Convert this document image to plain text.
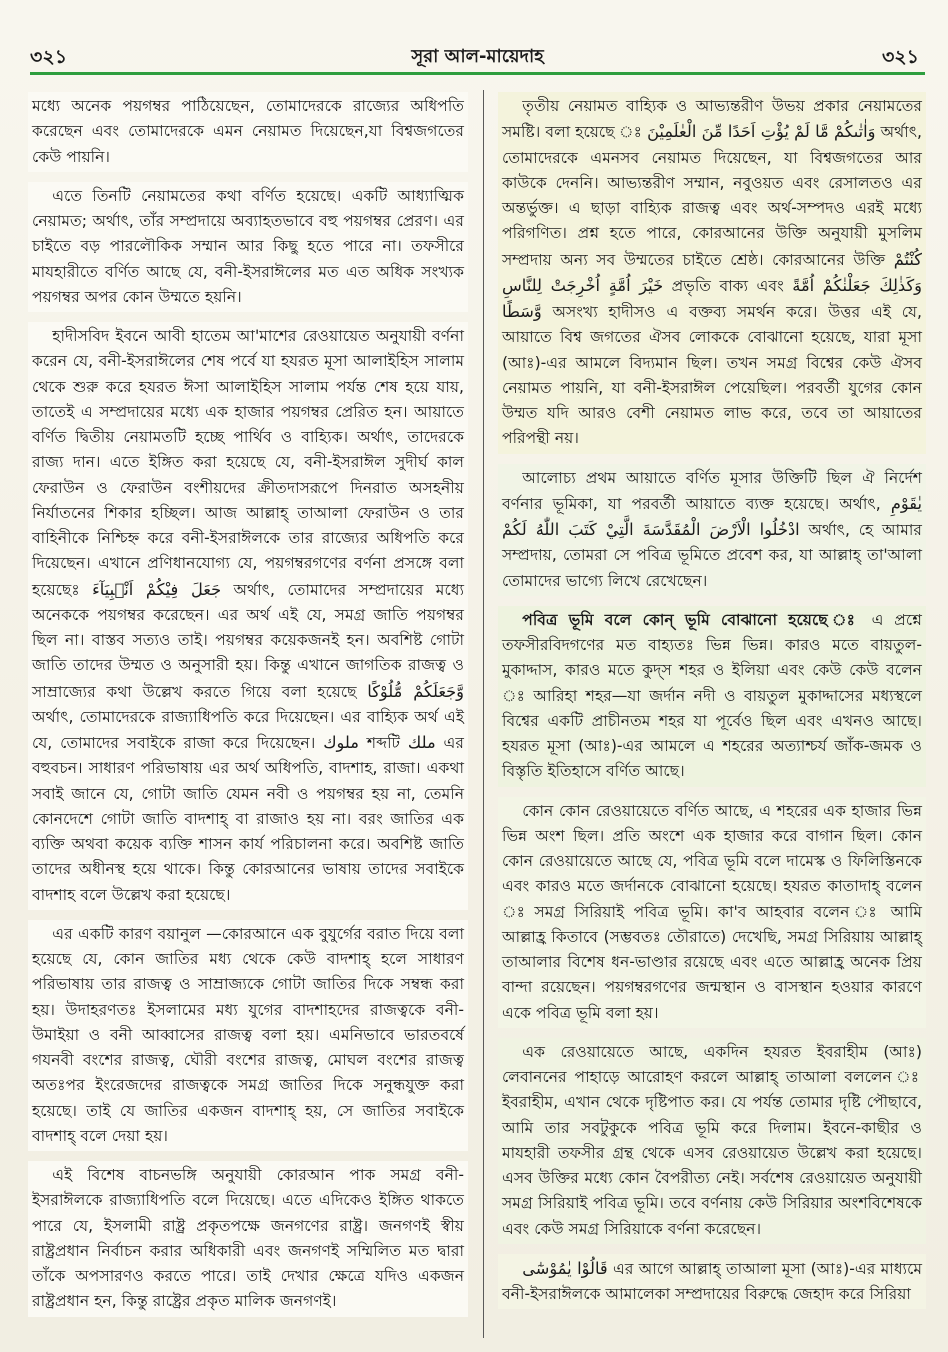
৩২১	সূরা আল-মায়েদাহ	৩২১

মধ্যে অনেক পয়গম্বর পাঠিয়েছেন, তোমাদেরকে রাজ্যের অধিপতি করেছেন এবং তোমাদেরকে এমন নেয়ামত দিয়েছেন,যা বিশ্বজগতের কেউ পায়নি।

এতে তিনটি নেয়ামতের কথা বর্ণিত হয়েছে। একটি আধ্যাত্মিক নেয়ামত; অর্থাৎ, তাঁর সম্প্রদায়ে অব্যাহতভাবে বহু পয়গম্বর প্রেরণ। এর চাইতে বড় পারলৌকিক সম্মান আর কিছু হতে পারে না। তফসীরে মাযহারীতে বর্ণিত আছে যে, বনী-ইসরাঈলের মত এত অধিক সংখ্যক পয়গম্বর অপর কোন উম্মতে হয়নি।

হাদীসবিদ ইবনে আবী হাতেম আ'মাশের রেওয়ায়েত অনুযায়ী বর্ণনা করেন যে, বনী-ইসরাঈলের শেষ পর্বে যা হযরত মূসা আলাইহিস সালাম থেকে শুরু করে হযরত ঈসা আলাইহিস সালাম পর্যন্ত শেষ হয়ে যায়, তাতেই এ সম্প্রদায়ের মধ্যে এক হাজার পয়গম্বর প্রেরিত হন। আয়াতে বর্ণিত দ্বিতীয় নেয়ামতটি হচ্ছে পার্থিব ও বাহ্যিক। অর্থাৎ, তাদেরকে রাজ্য দান। এতে ইঙ্গিত করা হয়েছে যে, বনী-ইসরাঈল সুদীর্ঘ কাল ফেরাউন ও ফেরাউন বংশীয়দের ক্রীতদাসরূপে দিনরাত অসহনীয় নির্যাতনের শিকার হচ্ছিল। আজ আল্লাহ্ তাআলা ফেরাউন ও তার বাহিনীকে নিশ্চিহ্ন করে বনী-ইসরাঈলকে তার রাজ্যের অধিপতি করে দিয়েছেন। এখানে প্রণিধানযোগ্য যে, পয়গম্বরগণের বর্ণনা প্রসঙ্গে বলা হয়েছেঃ جَعَلَ فِيْكُمْ اَنْۢبِيَآءَ অর্থাৎ, তোমাদের সম্প্রদায়ের মধ্যে অনেককে পয়গম্বর করেছেন। এর অর্থ এই যে, সমগ্র জাতি পয়গম্বর ছিল না। বাস্তব সত্যও তাই। পয়গম্বর কয়েকজনই হন। অবশিষ্ট গোটা জাতি তাদের উম্মত ও অনুসারী হয়। কিন্তু এখানে জাগতিক রাজত্ব ও সাম্রাজ্যের কথা উল্লেখ করতে গিয়ে বলা হয়েছে وَّجَعَلَكُمْ مُّلُوْكًا অর্থাৎ, তোমাদেরকে রাজ্যাধিপতি করে দিয়েছেন। এর বাহ্যিক অর্থ এই যে, তোমাদের সবাইকে রাজা করে দিয়েছেন। ملوك শব্দটি ملك এর বহুবচন। সাধারণ পরিভাষায় এর অর্থ অধিপতি, বাদশাহ, রাজা। একথা সবাই জানে যে, গোটা জাতি যেমন নবী ও পয়গম্বর হয় না, তেমনি কোনদেশে গোটা জাতি বাদশাহ্ বা রাজাও হয় না। বরং জাতির এক ব্যক্তি অথবা কয়েক ব্যক্তি শাসন কার্য পরিচালনা করে। অবশিষ্ট জাতি তাদের অধীনস্থ হয়ে থাকে। কিন্তু কোরআনের ভাষায় তাদের সবাইকে বাদশাহ বলে উল্লেখ করা হয়েছে।

এর একটি কারণ বয়ানুল —কোরআনে এক বুযুর্গের বরাত দিয়ে বলা হয়েছে যে, কোন জাতির মধ্য থেকে কেউ বাদশাহ্ হলে সাধারণ পরিভাষায় তার রাজত্ব ও সাম্রাজ্যকে গোটা জাতির দিকে সম্বন্ধ করা হয়। উদাহরণতঃ ইসলামের মধ্য যুগের বাদশাহদের রাজত্বকে বনী-উমাইয়া ও বনী আব্বাসের রাজত্ব বলা হয়। এমনিভাবে ভারতবর্ষে গযনবী বংশের রাজত্ব, ঘৌরী বংশের রাজত্ব, মোঘল বংশের রাজত্ব অতঃপর ইংরেজদের রাজত্বকে সমগ্র জাতির দিকে সনুন্ধযুক্ত করা হয়েছে। তাই যে জাতির একজন বাদশাহ্ হয়, সে জাতির সবাইকে বাদশাহ্ বলে দেয়া হয়।

এই বিশেষ বাচনভঙ্গি অনুযায়ী কোরআন পাক সমগ্র বনী-ইসরাঈলকে রাজ্যাধিপতি বলে দিয়েছে। এতে এদিকেও ইঙ্গিত থাকতে পারে যে, ইসলামী রাষ্ট্র প্রকৃতপক্ষে জনগণের রাষ্ট্র। জনগণই স্বীয় রাষ্ট্রপ্রধান নির্বাচন করার অধিকারী এবং জনগণই সম্মিলিত মত দ্বারা তাঁকে অপসারণও করতে পারে। তাই দেখার ক্ষেত্রে যদিও একজন রাষ্ট্রপ্রধান হন, কিন্তু রাষ্ট্রের প্রকৃত মালিক জনগণই।

তৃতীয় নেয়ামত বাহ্যিক ও আভ্যন্তরীণ উভয় প্রকার নেয়ামতের সমষ্টি। বলা হয়েছে ঃ وَاٰتٰىكُمْ مَّا لَمْ يُؤْتِ اَحَدًا مِّنَ الْعٰلَمِيْنَ অর্থাৎ, তোমাদেরকে এমনসব নেয়ামত দিয়েছেন, যা বিশ্বজগতের আর কাউকে দেননি। আভ্যন্তরীণ সম্মান, নবুওয়ত এবং রেসালতও এর অন্তর্ভুক্ত। এ ছাড়া বাহ্যিক রাজত্ব এবং অর্থ-সম্পদও এরই মধ্যে পরিগণিত। প্রশ্ন হতে পারে, কোরআনের উক্তি অনুযায়ী মুসলিম সম্প্রদায় অন্য সব উম্মতের চাইতে শ্রেষ্ঠ। কোরআনের উক্তি كُنْتُمْ خَيْرَ اُمَّةٍ اُخْرِجَتْ لِلنَّاسِ প্রভৃতি বাক্য এবং وَكَذٰلِكَ جَعَلْنٰكُمْ اُمَّةً وَّسَطًا অসংখ্য হাদীসও এ বক্তব্য সমর্থন করে। উত্তর এই যে, আয়াতে বিশ্ব জগতের ঐসব লোককে বোঝানো হয়েছে, যারা মূসা (আঃ)-এর আমলে বিদ্যমান ছিল। তখন সমগ্র বিশ্বের কেউ ঐসব নেয়ামত পায়নি, যা বনী-ইসরাঈল পেয়েছিল। পরবর্তী যুগের কোন উম্মত যদি আরও বেশী নেয়ামত লাভ করে, তবে তা আয়াতের পরিপন্থী নয়।

আলোচ্য প্রথম আয়াতে বর্ণিত মূসার উক্তিটি ছিল ঐ নির্দেশ বর্ণনার ভূমিকা, যা পরবর্তী আয়াতে ব্যক্ত হয়েছে। অর্থাৎ, يٰقَوْمِ ادْخُلُوا الْاَرْضَ الْمُقَدَّسَةَ الَّتِيْ كَتَبَ اللّٰهُ لَكُمْ অর্থাৎ, হে আমার সম্প্রদায়, তোমরা সে পবিত্র ভূমিতে প্রবেশ কর, যা আল্লাহ্ তা'আলা তোমাদের ভাগ্যে লিখে রেখেছেন।

পবিত্র ভূমি বলে কোন্ ভূমি বোঝানো হয়েছে ঃ এ প্রশ্নে তফসীরবিদগণের মত বাহ্যতঃ ভিন্ন ভিন্ন। কারও মতে বায়তুল-মুকাদ্দাস, কারও মতে কুদ্‌স শহর ও ইলিয়া এবং কেউ কেউ বলেন ঃ আরিহা শহর—যা জর্দান নদী ও বায়তুল মুকাদ্দাসের মধ্যস্থলে বিশ্বের একটি প্রাচীনতম শহর যা পূর্বেও ছিল এবং এখনও আছে। হযরত মূসা (আঃ)-এর আমলে এ শহরের অত্যাশ্চর্য জাঁক-জমক ও বিস্তৃতি ইতিহাসে বর্ণিত আছে।

কোন কোন রেওয়ায়েতে বর্ণিত আছে, এ শহরের এক হাজার ভিন্ন ভিন্ন অংশ ছিল। প্রতি অংশে এক হাজার করে বাগান ছিল। কোন কোন রেওয়ায়েতে আছে যে, পবিত্র ভূমি বলে দামেস্ক ও ফিলিস্তিনকে এবং কারও মতে জর্দানকে বোঝানো হয়েছে। হযরত কাতাদাহ্ বলেন ঃ সমগ্র সিরিয়াই পবিত্র ভূমি। কা'ব আহবার বলেন ঃ আমি আল্লাহ্র কিতাবে (সম্ভবতঃ তৌরাতে) দেখেছি, সমগ্র সিরিয়ায় আল্লাহ্ তাআলার বিশেষ ধন-ভাণ্ডার রয়েছে এবং এতে আল্লাহ্র অনেক প্রিয় বান্দা রয়েছেন। পয়গম্বরগণের জন্মস্থান ও বাসস্থান হওয়ার কারণে একে পবিত্র ভূমি বলা হয়।

এক রেওয়ায়েতে আছে, একদিন হযরত ইবরাহীম (আঃ) লেবাননের পাহাড়ে আরোহণ করলে আল্লাহ্ তাআলা বললেন ঃ ইবরাহীম, এখান থেকে দৃষ্টিপাত কর। যে পর্যন্ত তোমার দৃষ্টি পৌছাবে, আমি তার সবটুকুকে পবিত্র ভূমি করে দিলাম। ইবনে-কাছীর ও মাযহারী তফসীর গ্রন্থ থেকে এসব রেওয়ায়েত উল্লেখ করা হয়েছে। এসব উক্তির মধ্যে কোন বৈপরীত্য নেই। সর্বশেষ রেওয়ায়েত অনুযায়ী সমগ্র সিরিয়াই পবিত্র ভূমি। তবে বর্ণনায় কেউ সিরিয়ার অংশবিশেষকে এবং কেউ সমগ্র সিরিয়াকে বর্ণনা করেছেন।

قَالُوْا يٰمُوْسٰٓى এর আগে আল্লাহ্ তাআলা মূসা (আঃ)-এর মাধ্যমে বনী-ইসরাঈলকে আমালেকা সম্প্রদায়ের বিরুদ্ধে জেহাদ করে সিরিয়া
